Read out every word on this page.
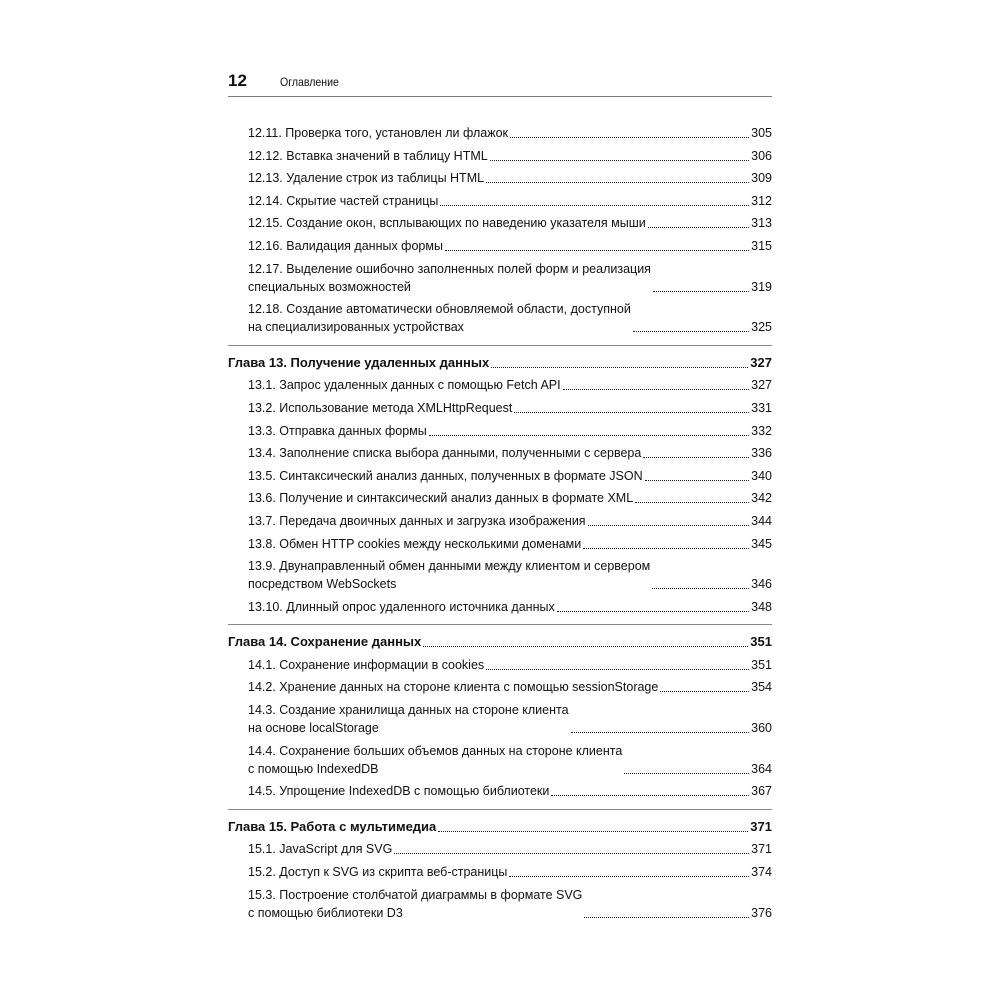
12	Оглавление
12.11. Проверка того, установлен ли флажок	305
12.12. Вставка значений в таблицу HTML	306
12.13. Удаление строк из таблицы HTML	309
12.14. Скрытие частей страницы	312
12.15. Создание окон, всплывающих по наведению указателя мыши	313
12.16. Валидация данных формы	315
12.17. Выделение ошибочно заполненных полей форм и реализация
специальных возможностей	319
12.18. Создание автоматически обновляемой области, доступной
на специализированных устройствах	325
Глава 13. Получение удаленных данных	327
13.1. Запрос удаленных данных с помощью Fetch API	327
13.2. Использование метода XMLHttpRequest	331
13.3. Отправка данных формы	332
13.4. Заполнение списка выбора данными, полученными с сервера	336
13.5. Синтаксический анализ данных, полученных в формате JSON	340
13.6. Получение и синтаксический анализ данных в формате XML	342
13.7. Передача двоичных данных и загрузка изображения	344
13.8. Обмен HTTP cookies между несколькими доменами	345
13.9. Двунаправленный обмен данными между клиентом и сервером
посредством WebSockets	346
13.10. Длинный опрос удаленного источника данных	348
Глава 14. Сохранение данных	351
14.1. Сохранение информации в cookies	351
14.2. Хранение данных на стороне клиента с помощью sessionStorage	354
14.3. Создание хранилища данных на стороне клиента
на основе localStorage	360
14.4. Сохранение больших объемов данных на стороне клиента
с помощью IndexedDB	364
14.5. Упрощение IndexedDB с помощью библиотеки	367
Глава 15. Работа с мультимедиа	371
15.1. JavaScript для SVG	371
15.2. Доступ к SVG из скрипта веб-страницы	374
15.3. Построение столбчатой диаграммы в формате SVG
с помощью библиотеки D3	376
